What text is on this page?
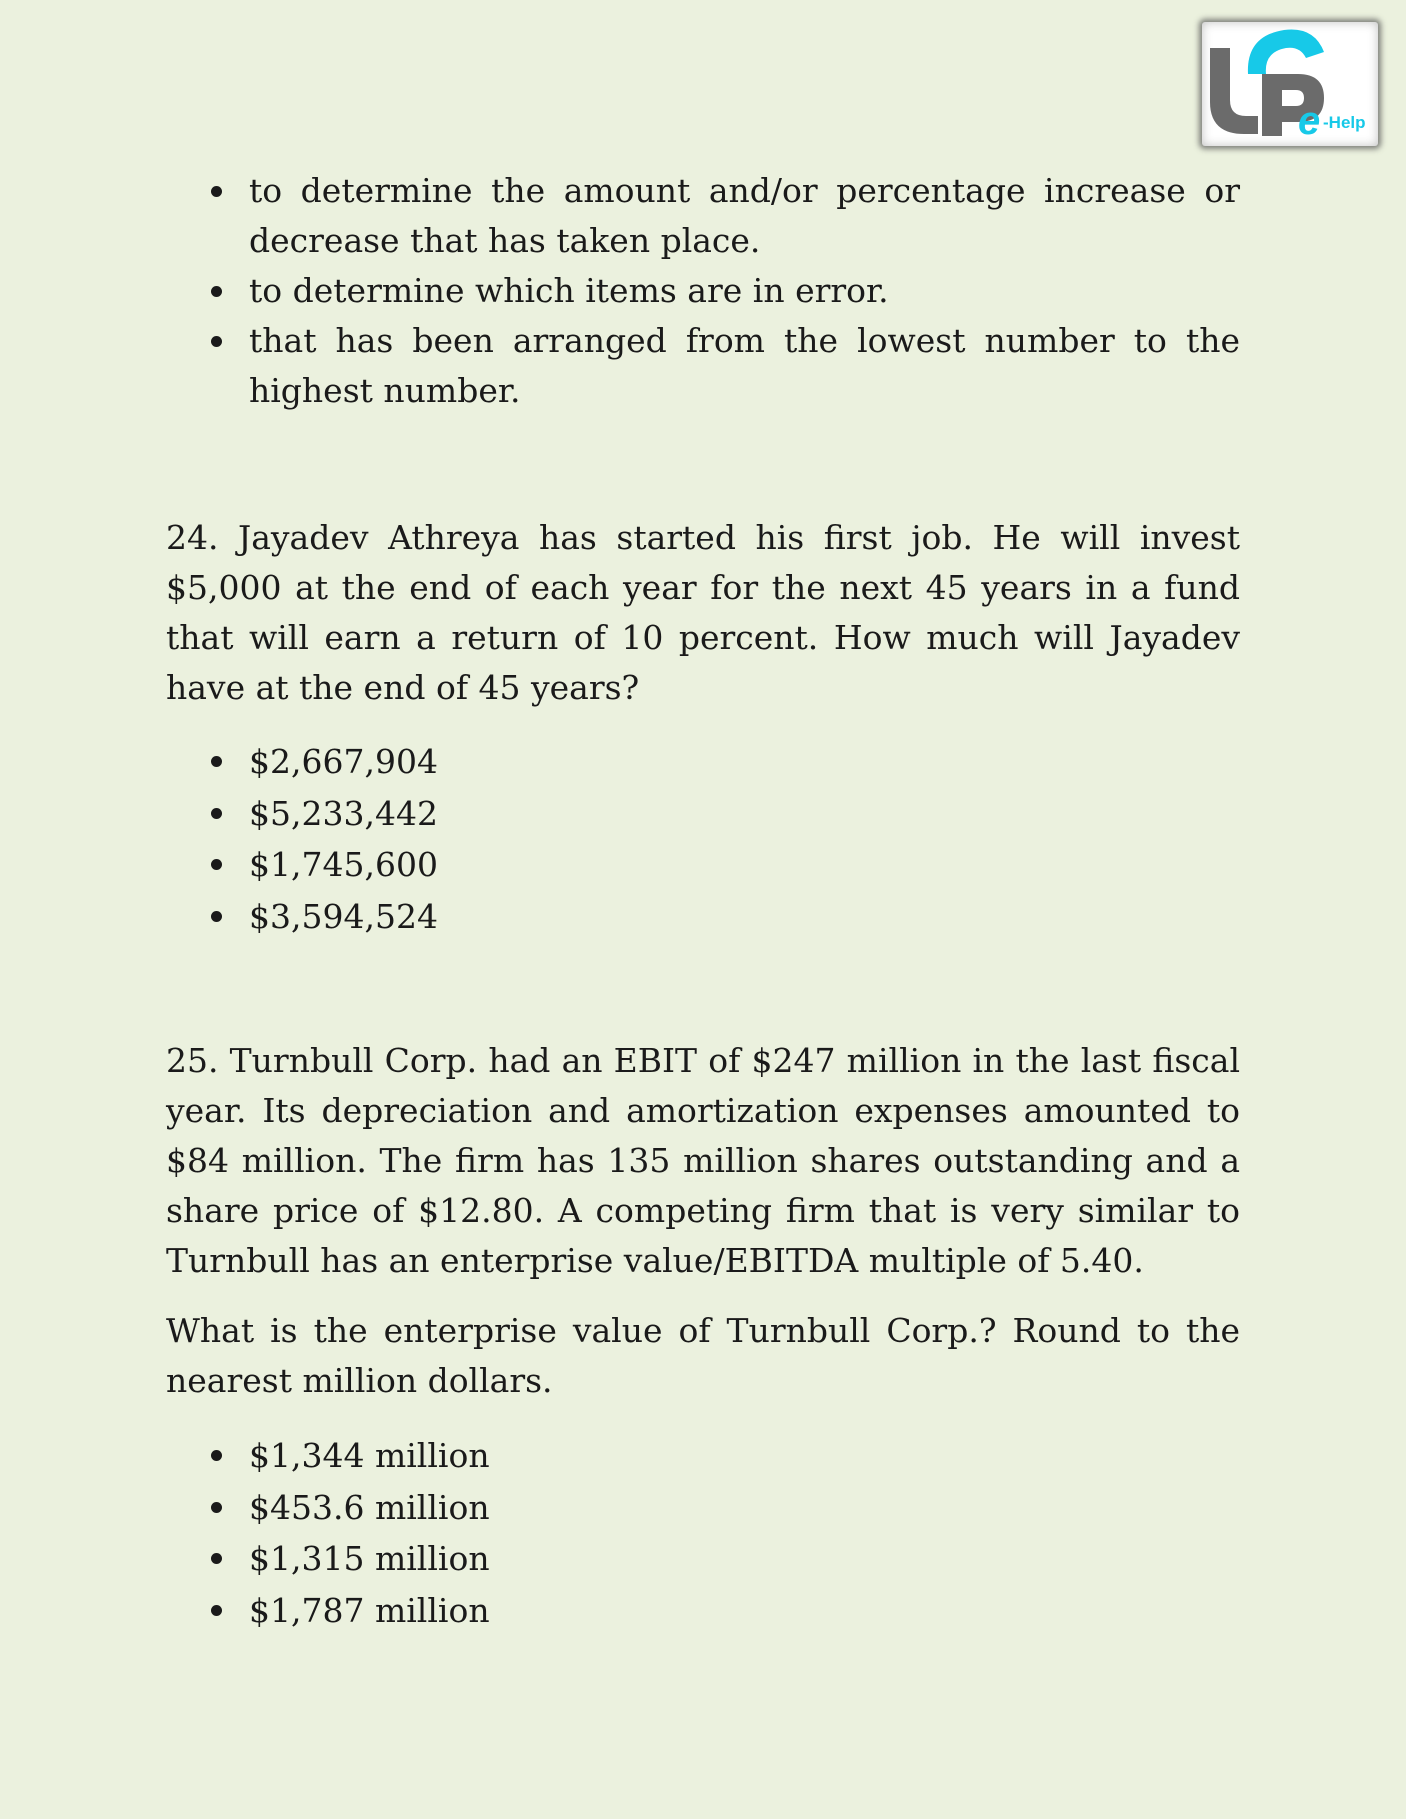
e -Help
to determine the amount and/or percentage increase or decrease that has taken place.
to determine which items are in error.
that has been arranged from the lowest number to the highest number.

24. Jayadev Athreya has started his first job. He will invest $5,000 at the end of each year for the next 45 years in a fund that will earn a return of 10 percent. How much will Jayadev have at the end of 45 years?

$2,667,904
$5,233,442
$1,745,600
$3,594,524

25. Turnbull Corp. had an EBIT of $247 million in the last fiscal year. Its depreciation and amortization expenses amounted to $84 million. The firm has 135 million shares outstanding and a share price of $12.80. A competing firm that is very similar to Turnbull has an enterprise value/EBITDA multiple of 5.40.

What is the enterprise value of Turnbull Corp.? Round to the nearest million dollars.

$1,344 million
$453.6 million
$1,315 million
$1,787 million
